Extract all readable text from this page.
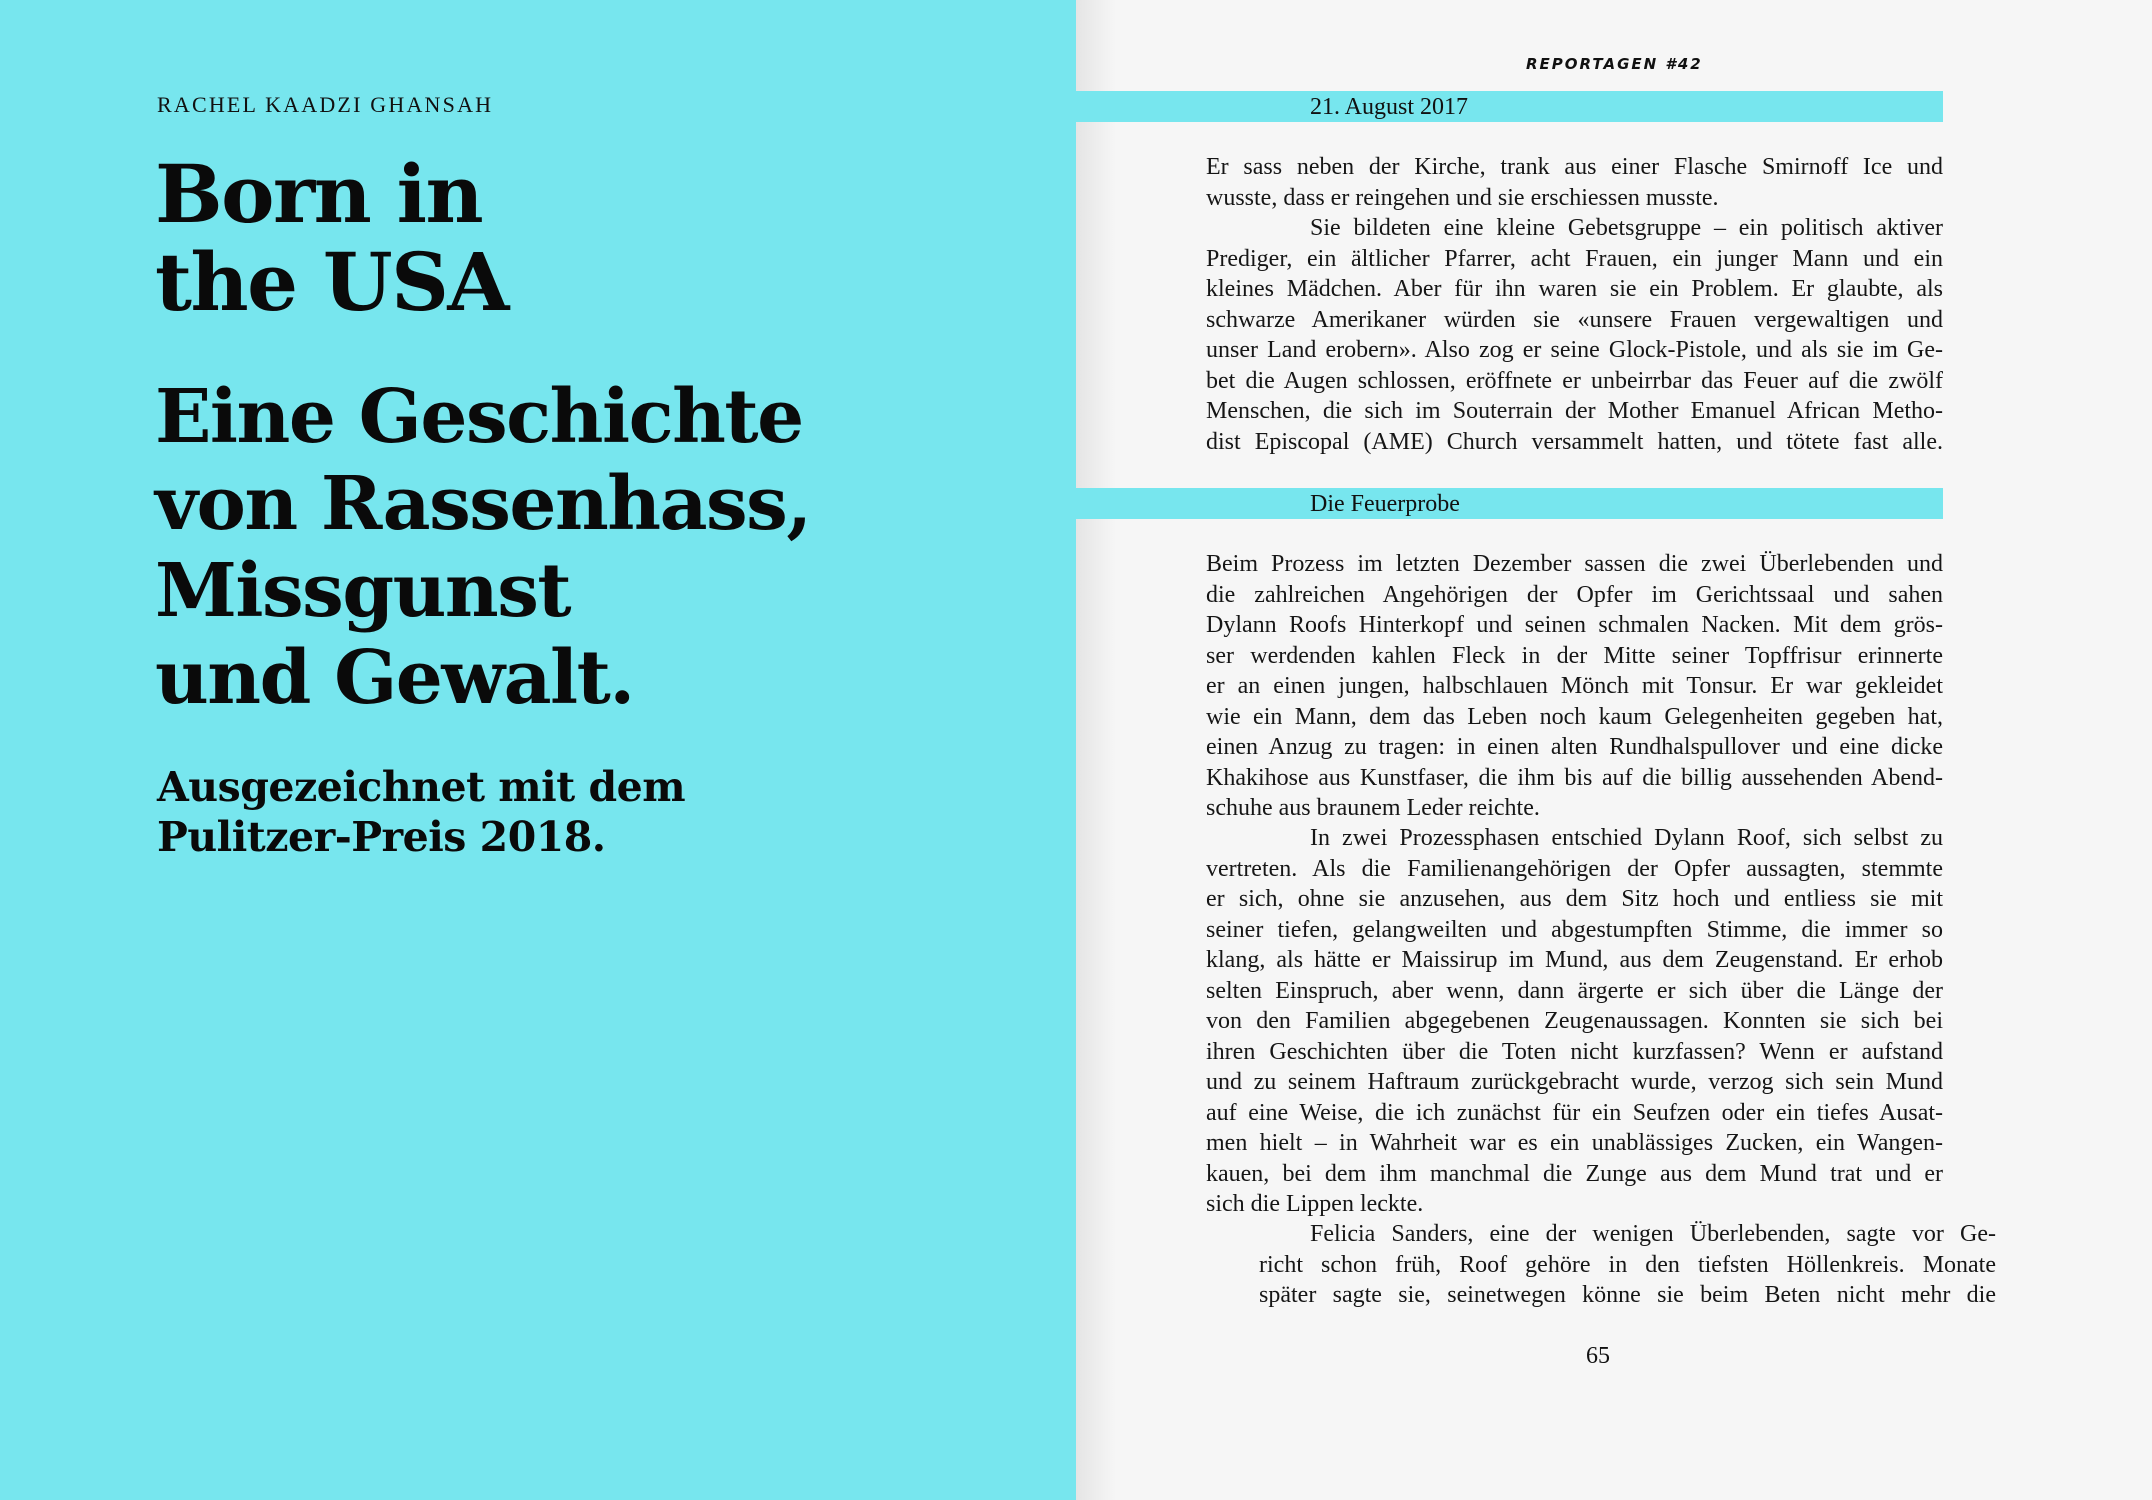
RACHEL KAADZI GHANSAH
Born in
the USA
Eine Geschichte
von Rassenhass,
Missgunst
und Gewalt.
Ausgezeichnet mit dem
Pulitzer-Preis 2018.
REPORTAGEN #42
21. August 2017
Er sass neben der Kirche, trank aus einer Flasche Smirnoff Ice und
wusste, dass er reingehen und sie erschiessen musste.
Sie bildeten eine kleine Gebetsgruppe – ein politisch aktiver
Prediger, ein ältlicher Pfarrer, acht Frauen, ein junger Mann und ein
kleines Mädchen. Aber für ihn waren sie ein Problem. Er glaubte, als
schwarze Amerikaner würden sie «unsere Frauen vergewaltigen und
unser Land erobern». Also zog er seine Glock-Pistole, und als sie im Ge-
bet die Augen schlossen, eröffnete er unbeirrbar das Feuer auf die zwölf
Menschen, die sich im Souterrain der Mother Emanuel African Metho-
dist Episcopal (AME) Church versammelt hatten, und tötete fast alle.
Die Feuerprobe
Beim Prozess im letzten Dezember sassen die zwei Überlebenden und
die zahlreichen Angehörigen der Opfer im Gerichtssaal und sahen
Dylann Roofs Hinterkopf und seinen schmalen Nacken. Mit dem grös-
ser werdenden kahlen Fleck in der Mitte seiner Topffrisur erinnerte
er an einen jungen, halbschlauen Mönch mit Tonsur. Er war gekleidet
wie ein Mann, dem das Leben noch kaum Gelegenheiten gegeben hat,
einen Anzug zu tragen: in einen alten Rundhalspullover und eine dicke
Khakihose aus Kunstfaser, die ihm bis auf die billig aussehenden Abend-
schuhe aus braunem Leder reichte.
In zwei Prozessphasen entschied Dylann Roof, sich selbst zu
vertreten. Als die Familienangehörigen der Opfer aussagten, stemmte
er sich, ohne sie anzusehen, aus dem Sitz hoch und entliess sie mit
seiner tiefen, gelangweilten und abgestumpften Stimme, die immer so
klang, als hätte er Maissirup im Mund, aus dem Zeugenstand. Er erhob
selten Einspruch, aber wenn, dann ärgerte er sich über die Länge der
von den Familien abgegebenen Zeugenaussagen. Konnten sie sich bei
ihren Geschichten über die Toten nicht kurzfassen? Wenn er aufstand
und zu seinem Haftraum zurückgebracht wurde, verzog sich sein Mund
auf eine Weise, die ich zunächst für ein Seufzen oder ein tiefes Ausat-
men hielt – in Wahrheit war es ein unablässiges Zucken, ein Wangen-
kauen, bei dem ihm manchmal die Zunge aus dem Mund trat und er
sich die Lippen leckte.
Felicia Sanders, eine der wenigen Überlebenden, sagte vor Ge-
richt schon früh, Roof gehöre in den tiefsten Höllenkreis. Monate
später sagte sie, seinetwegen könne sie beim Beten nicht mehr die
65
